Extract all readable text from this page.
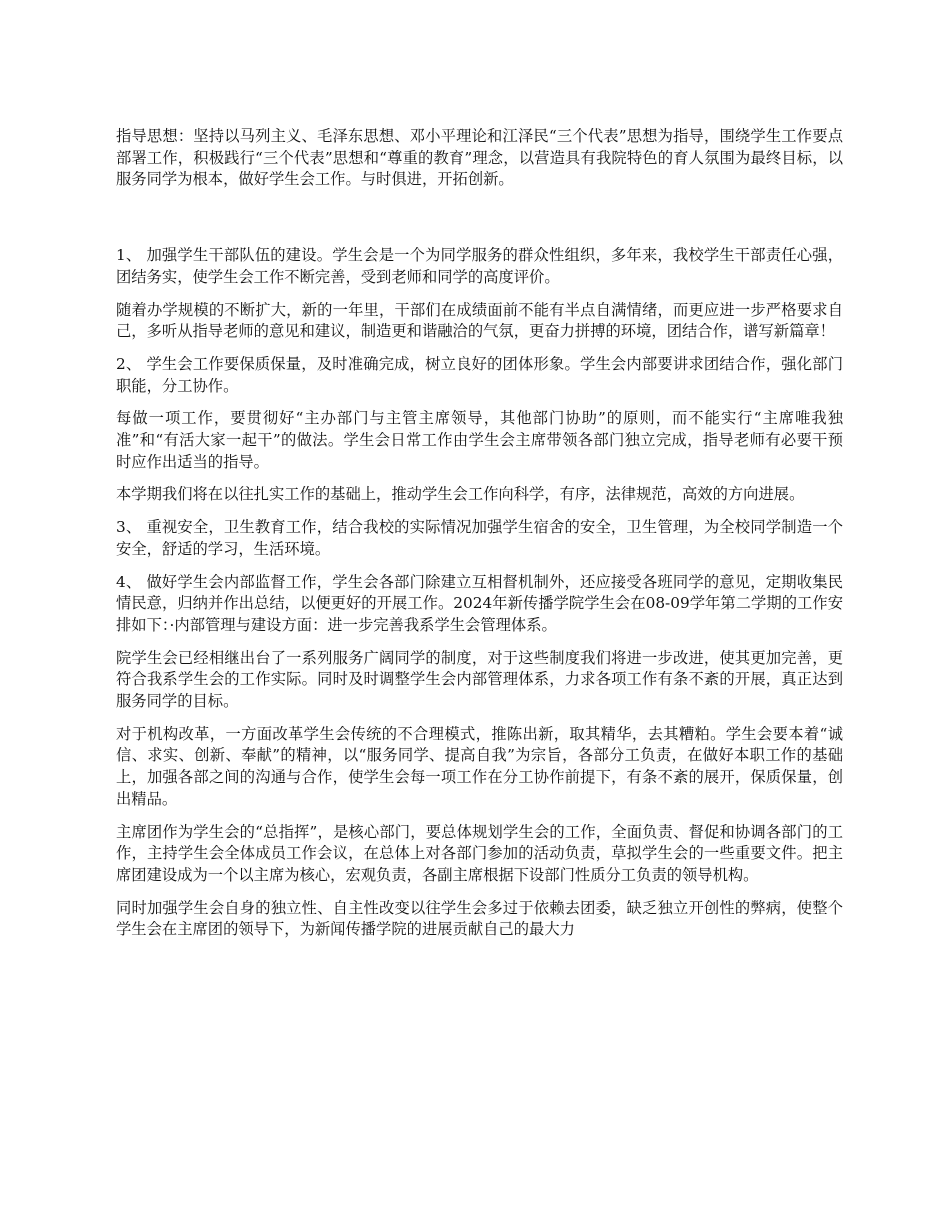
指导思想：坚持以马列主义、毛泽东思想、邓小平理论和江泽民“三个代表”思想为指导，围绕学生工作要点部署工作，积极践行“三个代表”思想和“尊重的教育”理念，以营造具有我院特色的育人氛围为最终目标，以服务同学为根本，做好学生会工作。与时俱进，开拓创新。

1、 加强学生干部队伍的建设。学生会是一个为同学服务的群众性组织，多年来，我校学生干部责任心强，团结务实，使学生会工作不断完善，受到老师和同学的高度评价。

随着办学规模的不断扩大，新的一年里，干部们在成绩面前不能有半点自满情绪，而更应进一步严格要求自己，多听从指导老师的意见和建议，制造更和谐融洽的气氛，更奋力拼搏的环境，团结合作，谱写新篇章！

2、 学生会工作要保质保量，及时准确完成，树立良好的团体形象。学生会内部要讲求团结合作，强化部门职能，分工协作。

每做一项工作，要贯彻好“主办部门与主管主席领导，其他部门协助”的原则，而不能实行“主席唯我独准”和“有活大家一起干”的做法。学生会日常工作由学生会主席带领各部门独立完成，指导老师有必要干预时应作出适当的指导。

本学期我们将在以往扎实工作的基础上，推动学生会工作向科学，有序，法律规范，高效的方向进展。

3、 重视安全，卫生教育工作，结合我校的实际情况加强学生宿舍的安全，卫生管理，为全校同学制造一个安全，舒适的学习，生活环境。

4、 做好学生会内部监督工作，学生会各部门除建立互相督机制外，还应接受各班同学的意见，定期收集民情民意，归纳并作出总结，以便更好的开展工作。2024年新传播学院学生会在08-09学年第二学期的工作安排如下：·内部管理与建设方面：进一步完善我系学生会管理体系。

院学生会已经相继出台了一系列服务广阔同学的制度，对于这些制度我们将进一步改进，使其更加完善，更符合我系学生会的工作实际。同时及时调整学生会内部管理体系，力求各项工作有条不紊的开展，真正达到服务同学的目标。

对于机构改革，一方面改革学生会传统的不合理模式，推陈出新，取其精华，去其糟粕。学生会要本着“诚信、求实、创新、奉献”的精神，以“服务同学、提高自我”为宗旨，各部分工负责，在做好本职工作的基础上，加强各部之间的沟通与合作，使学生会每一项工作在分工协作前提下，有条不紊的展开，保质保量，创出精品。

主席团作为学生会的“总指挥”，是核心部门，要总体规划学生会的工作，全面负责、督促和协调各部门的工作，主持学生会全体成员工作会议，在总体上对各部门参加的活动负责，草拟学生会的一些重要文件。把主席团建设成为一个以主席为核心，宏观负责，各副主席根据下设部门性质分工负责的领导机构。

同时加强学生会自身的独立性、自主性改变以往学生会多过于依赖去团委，缺乏独立开创性的弊病，使整个学生会在主席团的领导下，为新闻传播学院的进展贡献自己的最大力
